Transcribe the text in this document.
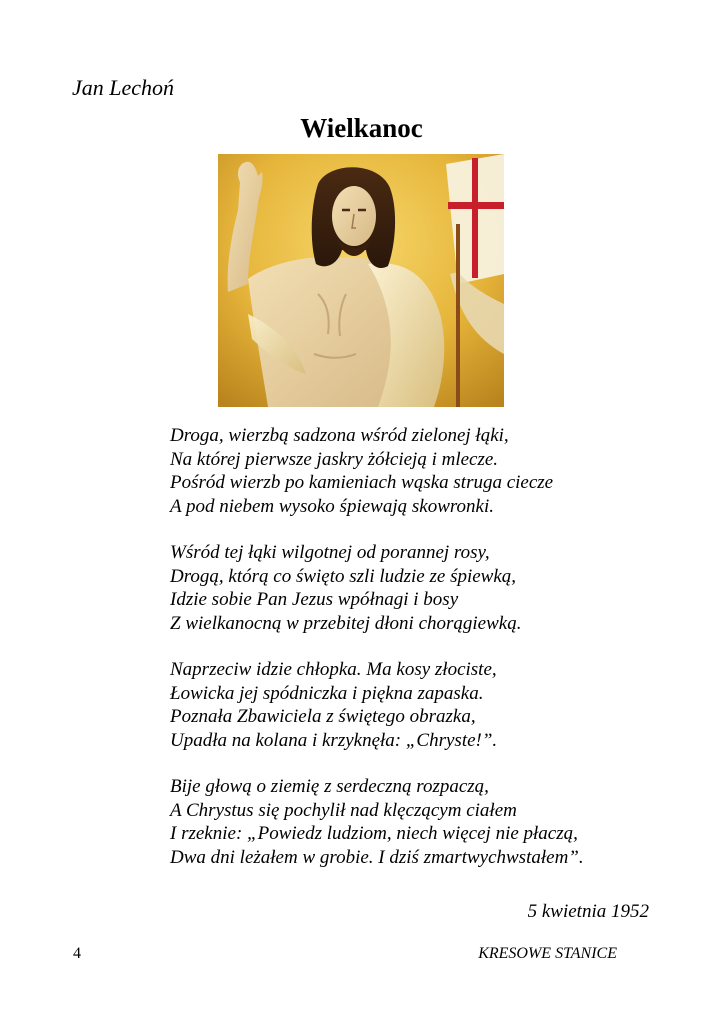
Jan Lechoń
Wielkanoc
Droga, wierzbą sadzona wśród zielonej łąki,
Na której pierwsze jaskry żółcieją i mlecze.
Pośród wierzb po kamieniach wąska struga ciecze
A pod niebem wysoko śpiewają skowronki.
Wśród tej łąki wilgotnej od porannej rosy,
Drogą, którą co święto szli ludzie ze śpiewką,
Idzie sobie Pan Jezus wpółnagi i bosy
Z wielkanocną w przebitej dłoni chorągiewką.
Naprzeciw idzie chłopka. Ma kosy złociste,
Łowicka jej spódniczka i piękna zapaska.
Poznała Zbawiciela z świętego obrazka,
Upadła na kolana i krzyknęła: „Chryste!”.
Bije głową o ziemię z serdeczną rozpaczą,
A Chrystus się pochylił nad klęczącym ciałem
I rzeknie: „Powiedz ludziom, niech więcej nie płaczą,
Dwa dni leżałem w grobie. I dziś zmartwychwstałem”.
5 kwietnia 1952
4	KRESOWE STANICE
